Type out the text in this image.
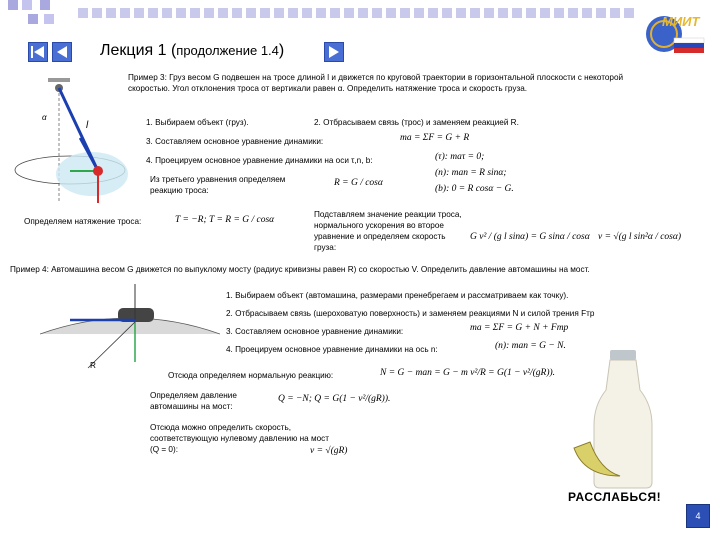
Лекция 1 (продолжение 1.4)
МИИТ
α
l
Пример 3: Груз весом G подвешен на тросе длиной l и движется по круговой траектории в горизонтальной плоскости с некоторой скоростью. Угол отклонения троса от вертикали равен α. Определить натяжение троса и скорость груза.
1. Выбираем объект (груз).	2. Отбрасываем связь (трос) и заменяем реакцией R.
3. Составляем основное уравнение динамики:	ma = ΣF = G + R
4. Проецируем основное уравнение динамики на оси τ,n, b:	(τ): maτ = 0;
(n): man = R sinα;
(b): 0 = R cosα − G.
Из третьего уравнения определяем реакцию троса:
R = G / cosα
Определяем натяжение троса:	T = −R; T = R = G / cosα
Подставляем значение реакции троса, нормального ускорения во второе уравнение и определяем скорость груза:
G v² / (g l sinα) = G sinα / cosα v = √(g l sin²α / cosα)
Пример 4: Автомашина весом G движется по выпуклому мосту (радиус кривизны равен R) со скоростью V. Определить давление автомашины на мост.
R
1. Выбираем объект (автомашина, размерами пренебрегаем и рассматриваем как точку).
2. Отбрасываем связь (шероховатую поверхность) и заменяем реакциями N и силой трения Fтр
3. Составляем основное уравнение динамики:	ma = ΣF = G + N + Fтр
4. Проецируем основное уравнение динамики на ось n:	(n): man = G − N.
Отсюда определяем нормальную реакцию:	N = G − man = G − m v²/R = G(1 − v²/(gR)).
Определяем давление автомашины на мост:
Q = −N; Q = G(1 − v²/(gR)).
Отсюда можно определить скорость, соответствующую нулевому давлению на мост (Q = 0):	v = √(gR)
РАССЛАБЬСЯ!
4
